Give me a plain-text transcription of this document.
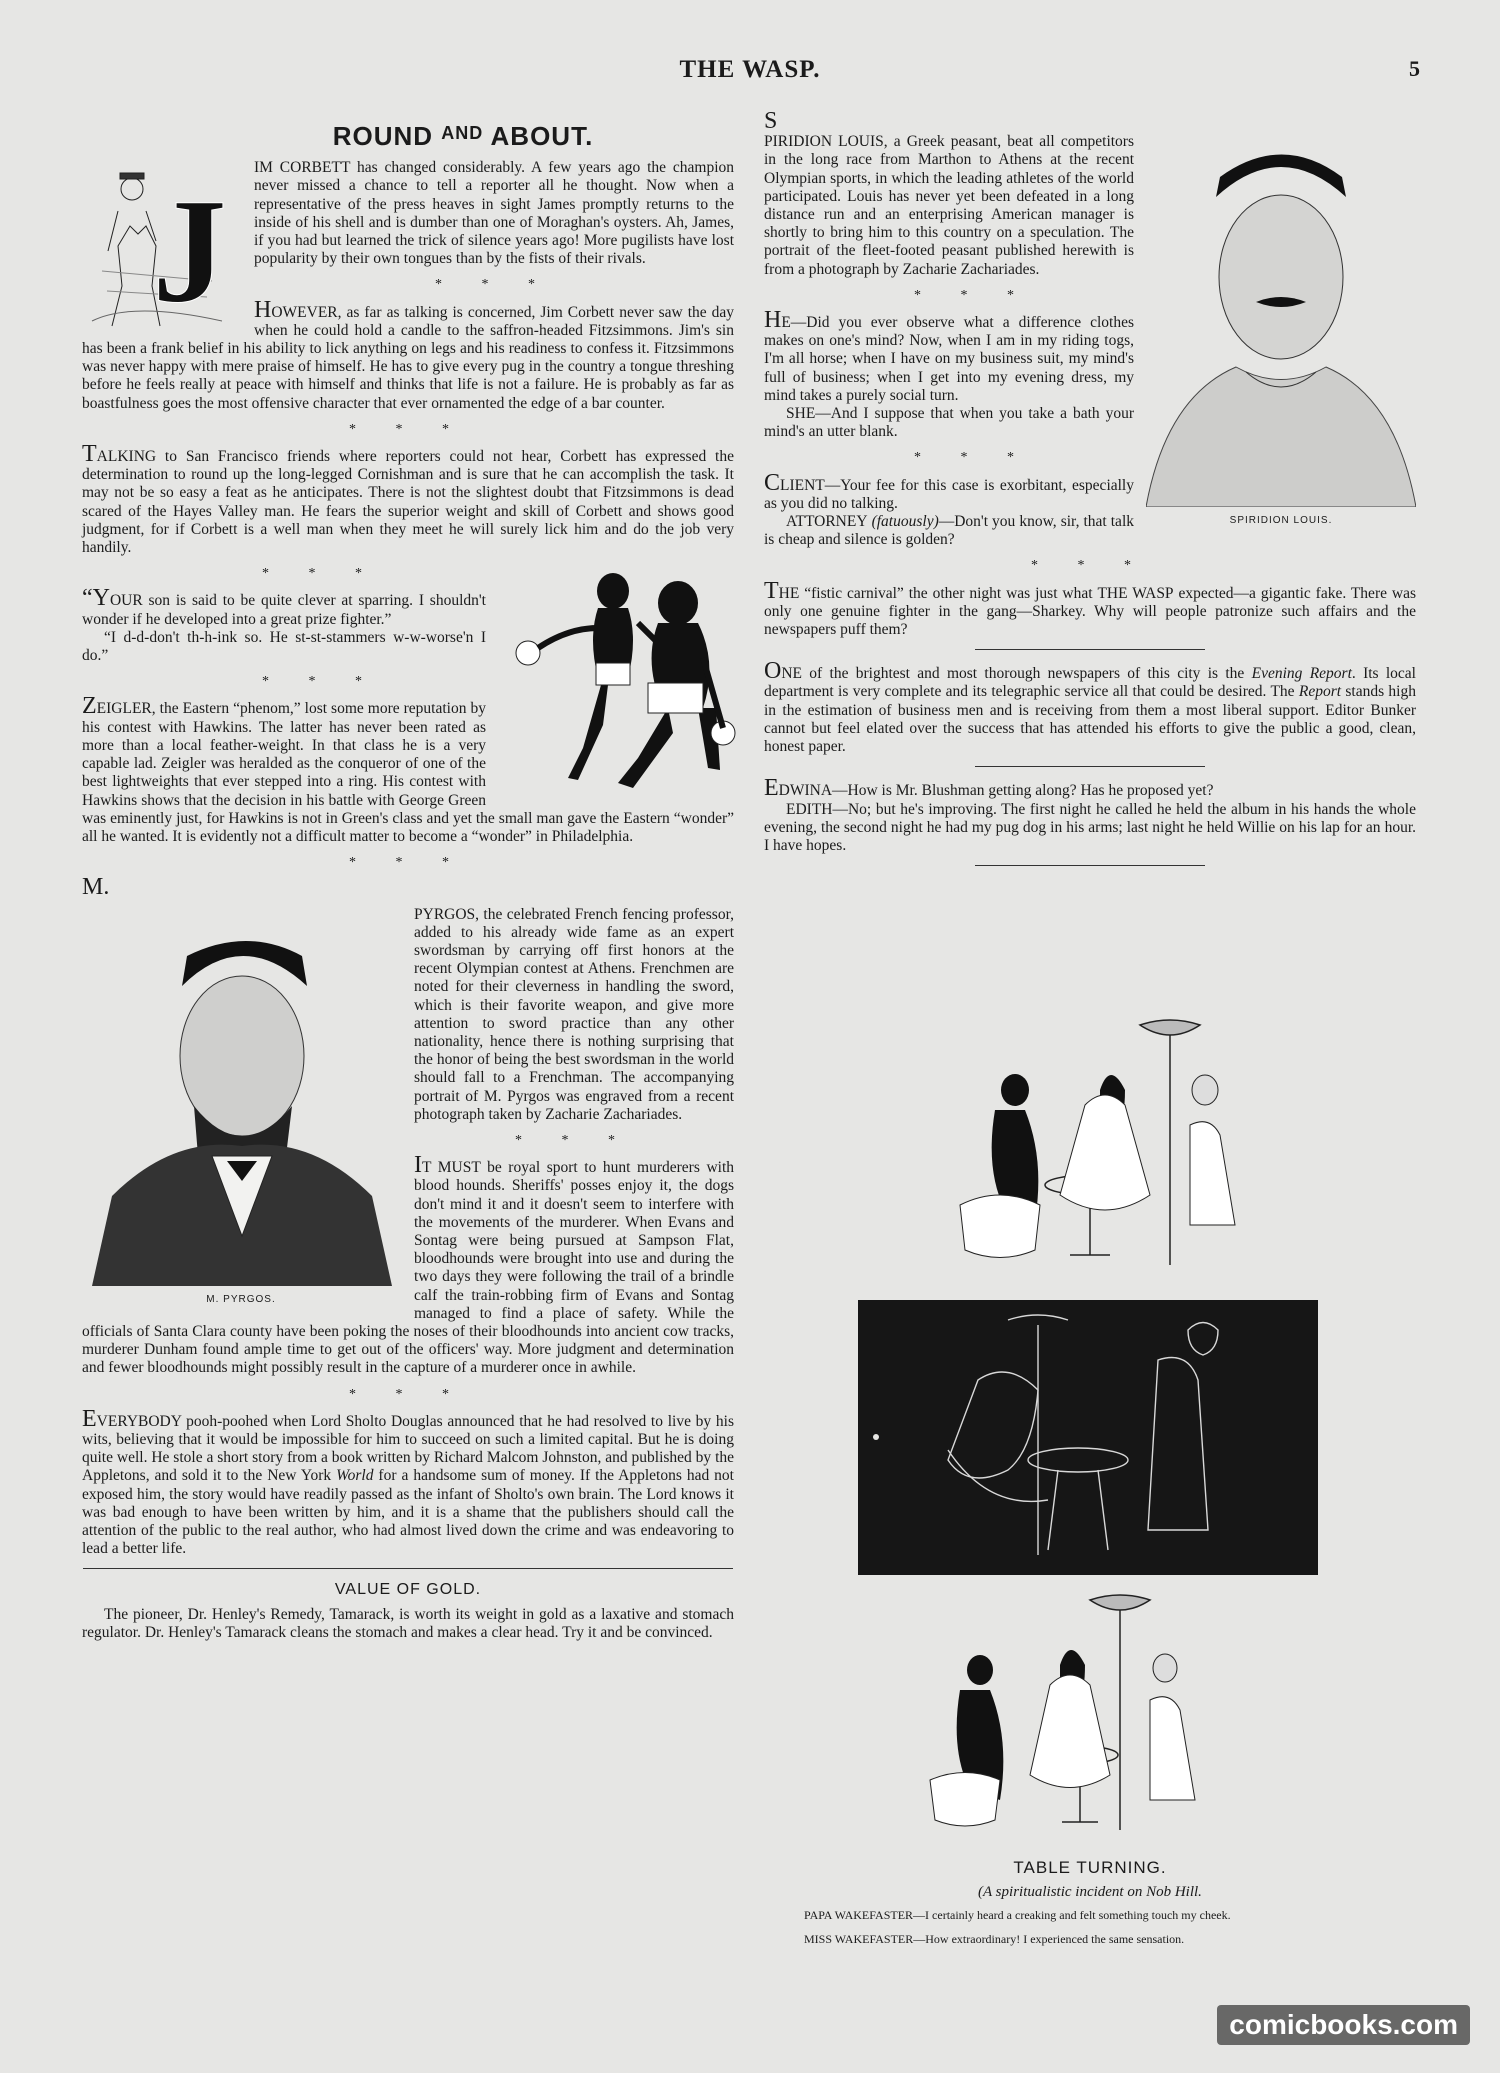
THE WASP.	5
ROUND $^{AND}$ ABOUT.
J

IM CORBETT has changed considerably. A few years ago the champion never missed a chance to tell a reporter all he thought. Now when a representative of the press heaves in sight James promptly returns to the inside of his shell and is dumber than one of Moraghan's oysters. Ah, James, if you had but learned the trick of silence years ago! More pugilists have lost popularity by their own tongues than by the fists of their rivals.

* * *

HOWEVER, as far as talking is concerned, Jim Corbett never saw the day when he could hold a candle to the saffron-headed Fitzsimmons. Jim's sin has been a frank belief in his ability to lick anything on legs and his readiness to confess it. Fitzsimmons was never happy with mere praise of himself. He has to give every pug in the country a tongue threshing before he feels really at peace with himself and thinks that life is not a failure. He is probably as far as boastfulness goes the most offensive character that ever ornamented the edge of a bar counter.

* * *

TALKING to San Francisco friends where reporters could not hear, Corbett has expressed the determination to round up the long-legged Cornishman and is sure that he can accomplish the task. It may not be so easy a feat as he anticipates. There is not the slightest doubt that Fitzsimmons is dead scared of the Hayes Valley man. He fears the superior weight and skill of Corbett and shows good judgment, for if Corbett is a well man when they meet he will surely lick him and do the job very handily.

* * *

“YOUR son is said to be quite clever at sparring. I shouldn't wonder if he developed into a great prize fighter.”

“I d-d-don't th-h-ink so. He st-st-stammers w-w-worse'n I do.”

* * *

ZEIGLER, the Eastern “phenom,” lost some more reputation by his contest with Hawkins. The latter has never been rated as more than a local feather-weight. In that class he is a very capable lad. Zeigler was heralded as the conqueror of one of the best lightweights that ever stepped into a ring. His contest with Hawkins shows that the decision in his battle with George Green was eminently just, for Hawkins is not in Green's class and yet the small man gave the Eastern “wonder” all he wanted. It is evidently not a difficult matter to become a “wonder” in Philadelphia.

* * *

M.

M. PYRGOS.

PYRGOS, the celebrated French fencing professor, added to his already wide fame as an expert swordsman by carrying off first honors at the recent Olympian contest at Athens. Frenchmen are noted for their cleverness in handling the sword, which is their favorite weapon, and give more attention to sword practice than any other nationality, hence there is nothing surprising that the honor of being the best swordsman in the world should fall to a Frenchman. The accompanying portrait of M. Pyrgos was engraved from a recent photograph taken by Zacharie Zachariades.

* * *

IT MUST be royal sport to hunt murderers with blood hounds. Sheriffs' posses enjoy it, the dogs don't mind it and it doesn't seem to interfere with the movements of the murderer. When Evans and Sontag were being pursued at Sampson Flat, bloodhounds were brought into use and during the two days they were following the trail of a brindle calf the train-robbing firm of Evans and Sontag managed to find a place of safety. While the officials of Santa Clara county have been poking the noses of their bloodhounds into ancient cow tracks, murderer Dunham found ample time to get out of the officers' way. More judgment and determination and fewer bloodhounds might possibly result in the capture of a murderer once in awhile.

* * *

EVERYBODY pooh-poohed when Lord Sholto Douglas announced that he had resolved to live by his wits, believing that it would be impossible for him to succeed on such a limited capital. But he is doing quite well. He stole a short story from a book written by Richard Malcom Johnston, and published by the Appletons, and sold it to the New York World for a handsome sum of money. If the Appletons had not exposed him, the story would have readily passed as the infant of Sholto's own brain. The Lord knows it was bad enough to have been written by him, and it is a shame that the publishers should call the attention of the public to the real author, who had almost lived down the crime and was endeavoring to lead a better life.

VALUE OF GOLD.

The pioneer, Dr. Henley's Remedy, Tamarack, is worth its weight in gold as a laxative and stomach regulator. Dr. Henley's Tamarack cleans the stomach and makes a clear head. Try it and be convinced.

S

SPIRIDION LOUIS.

PIRIDION LOUIS, a Greek peasant, beat all competitors in the long race from Marthon to Athens at the recent Olympian sports, in which the leading athletes of the world participated. Louis has never yet been defeated in a long distance run and an enterprising American manager is shortly to bring him to this country on a speculation. The portrait of the fleet-footed peasant published herewith is from a photograph by Zacharie Zachariades.

* * *

HE—Did you ever observe what a difference clothes makes on one's mind? Now, when I am in my riding togs, I'm all horse; when I have on my business suit, my mind's full of business; when I get into my evening dress, my mind takes a purely social turn.

SHE—And I suppose that when you take a bath your mind's an utter blank.

* * *

CLIENT—Your fee for this case is exorbitant, especially as you did no talking.

ATTORNEY (fatuously)—Don't you know, sir, that talk is cheap and silence is golden?

* * *

THE “fistic carnival” the other night was just what THE WASP expected—a gigantic fake. There was only one genuine fighter in the gang—Sharkey. Why will people patronize such affairs and the newspapers puff them?

ONE of the brightest and most thorough newspapers of this city is the Evening Report. Its local department is very complete and its telegraphic service all that could be desired. The Report stands high in the estimation of business men and is receiving from them a most liberal support. Editor Bunker cannot but feel elated over the success that has attended his efforts to give the public a good, clean, honest paper.

EDWINA—How is Mr. Blushman getting along? Has he proposed yet?

EDITH—No; but he's improving. The first night he called he held the album in his hands the whole evening, the second night he had my pug dog in his arms; last night he held Willie on his lap for an hour. I have hopes.

TABLE TURNING.
(A spiritualistic incident on Nob Hill.
PAPA WAKEFASTER—I certainly heard a creaking and felt something touch my cheek.
MISS WAKEFASTER—How extraordinary! I experienced the same sensation.
comicbooks.com
